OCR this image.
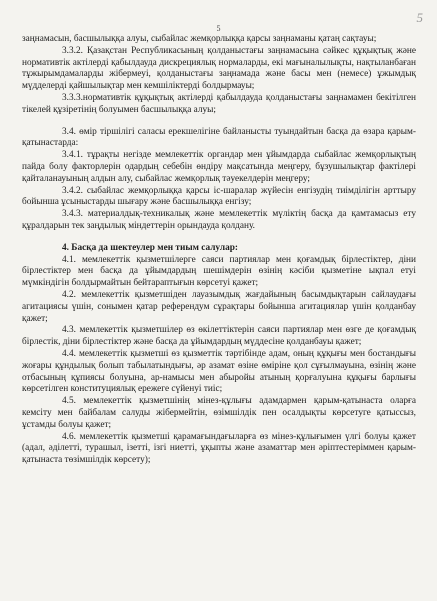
5
5

заңнамасын, басшылыққа алуы, сыбайлас жемқорлыққа қарсы заңнаманы қатаң сақтауы;

3.3.2. Қазақстан Республикасының қолданыстағы заңнамасына сәйкес құқықтық және нормативтік актілерді қабылдауда дискрециялық нормаларды, екі мағыналылықты, нақтыланбаған тұжырымдамаларды жібермеуі, қолданыстағы заңнамада және басы мен (немесе) ұжымдық мүдделерді қайшылықтар мен кемшіліктерді болдырмауы;

3.3.3.нормативтік құқықтық актілерді қабылдауда қолданыстағы заңнамамен бекітілген тікелей құзіретінің болуымен басшылыққа алуы;

3.4. өмір тіршілігі саласы ерекшелігіне байланысты туындайтын басқа да өзара қарым-қатынастарда:

3.4.1. тұрақты негізде мемлекеттік органдар мен ұйымдарда сыбайлас жемқорлықтың пайда болу факторлерін одардың себебін өндіру мақсатында меңгеру, бұзушылықтар фактілері қайталанауының алдын алу, сыбайлас жемқорлық тәуекелдерін меңгеру;

3.4.2. сыбайлас жемқорлыққа қарсы іс-шаралар жүйесін енгізудің тиімділігін арттыру бойынша ұсыныстарды шығару және басшылыққа енгізу;

3.4.3. материалдық-техникалық және мемлекеттік мүліктің басқа да қамтамасыз ету құралдарын тек заңдылық міндеттерін орындауда қолдану.

4. Басқа да шектеулер мен тиым салулар:

4.1. мемлекеттік қызметшілерге саяси партиялар мен қоғамдық бірлестіктер, діни бірлестіктер мен басқа да ұйымдардың шешімдерін өзінің кәсіби қызметіне ықпал етуі мүмкіндігін болдырмайтын бейтараптығын көрсетуі қажет;

4.2. мемлекеттік қызметшіден лауазымдық жағдайының басымдықтарын сайлаудағы агитациясы үшін, сонымен қатар референдум сұрақтары бойынша агитациялар үшін қолданбау қажет;

4.3. мемлекеттік қызметшілер өз өкілеттіктерін саяси партиялар мен өзге де қоғамдық бірлестік, діни бірлестіктер және басқа да ұйымдардың мүддесіне қолданбауы қажет;

4.4. мемлекеттік қызметші өз қызметтік тәртібінде адам, оның құқығы мен бостандығы жоғары құндылық болып табылатындығы, әр азамат өзіне өміріне қол сұғылмауына, өзінің және отбасының құпиясы болуына, ар-намысы мен абыройы атының қорғалуына құқығы барлығы көрсетілген конституциялық ережеге сүйенуі тиіс;

4.5. мемлекеттік қызметшінің мінез-құлығы адамдармен қарым-қатынаста оларға кемсіту мен байбалам салуды жібермейтін, өзімшілдік пен осалдықты көрсетуге қатыссыз, ұстамды болуы қажет;

4.6. мемлекеттік қызметші қарамағындағыларға өз мінез-құлығымен үлгі болуы қажет (адал, әділетті, турашыл, ізетті, ізгі ниетті, ұқыпты және азаматтар мен әріптестеріммен қарым-қатынаста төзімшілдік көрсету);
